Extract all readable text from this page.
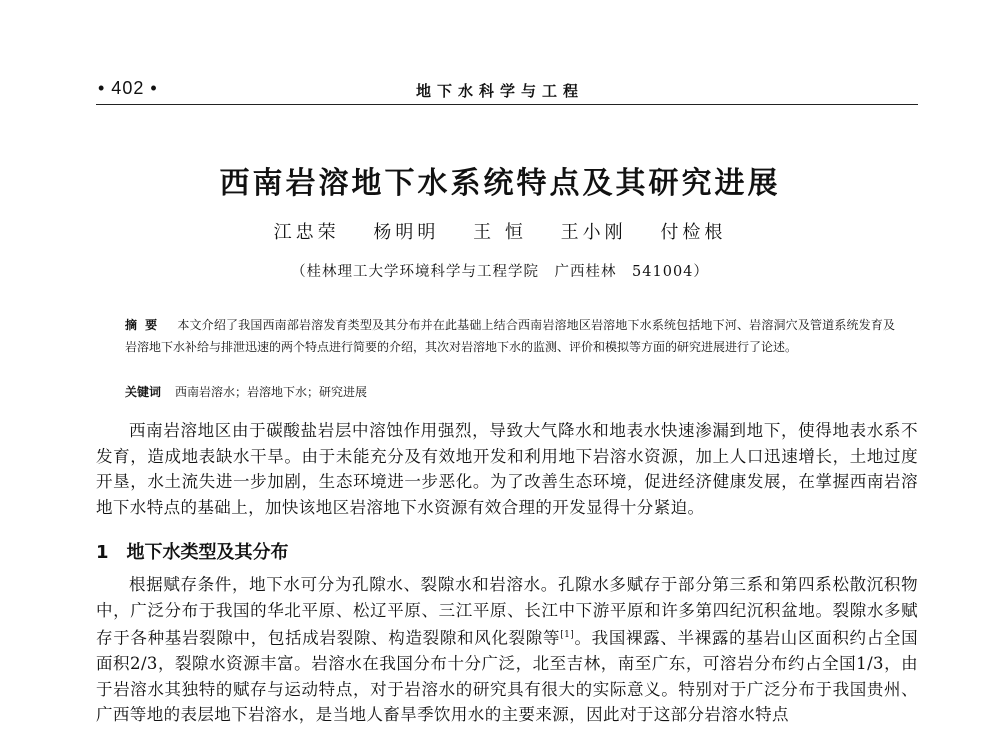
• 402 •	地下水科学与工程
西南岩溶地下水系统特点及其研究进展
江忠荣 杨明明 王 恒 王小刚 付检根
（桂林理工大学环境科学与工程学院　广西桂林　541004）
摘要 本文介绍了我国西南部岩溶发育类型及其分布并在此基础上结合西南岩溶地区岩溶地下水系统包括地下河、岩溶洞穴及管道系统发育及岩溶地下水补给与排泄迅速的两个特点进行简要的介绍，其次对岩溶地下水的监测、评价和模拟等方面的研究进展进行了论述。
关键词 西南岩溶水；岩溶地下水；研究进展
西南岩溶地区由于碳酸盐岩层中溶蚀作用强烈，导致大气降水和地表水快速渗漏到地下，使得地表水系不发育，造成地表缺水干旱。由于未能充分及有效地开发和利用地下岩溶水资源，加上人口迅速增长，土地过度开垦，水土流失进一步加剧，生态环境进一步恶化。为了改善生态环境，促进经济健康发展，在掌握西南岩溶地下水特点的基础上，加快该地区岩溶地下水资源有效合理的开发显得十分紧迫。
1 地下水类型及其分布
根据赋存条件，地下水可分为孔隙水、裂隙水和岩溶水。孔隙水多赋存于部分第三系和第四系松散沉积物中，广泛分布于我国的华北平原、松辽平原、三江平原、长江中下游平原和许多第四纪沉积盆地。裂隙水多赋存于各种基岩裂隙中，包括成岩裂隙、构造裂隙和风化裂隙等[1]。我国裸露、半裸露的基岩山区面积约占全国面积2/3，裂隙水资源丰富。岩溶水在我国分布十分广泛，北至吉林，南至广东，可溶岩分布约占全国1/3，由于岩溶水其独特的赋存与运动特点，对于岩溶水的研究具有很大的实际意义。特别对于广泛分布于我国贵州、广西等地的表层地下岩溶水，是当地人畜旱季饮用水的主要来源，因此对于这部分岩溶水特点
